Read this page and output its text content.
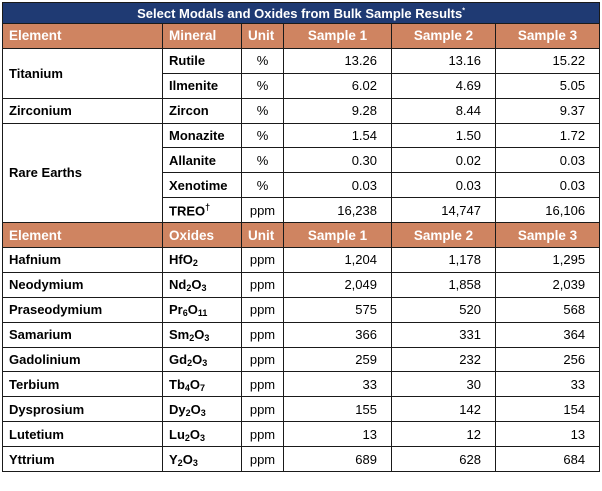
Select Modals and Oxides from Bulk Sample Results*
Element	Mineral	Unit	Sample 1	Sample 2	Sample 3
Titanium	Rutile	%	13.26	13.16	15.22
	Ilmenite	%	6.02	4.69	5.05
Zirconium	Zircon	%	9.28	8.44	9.37
Rare Earths	Monazite	%	1.54	1.50	1.72
	Allanite	%	0.30	0.02	0.03
	Xenotime	%	0.03	0.03	0.03
	TREO†	ppm	16,238	14,747	16,106
Element	Oxides	Unit	Sample 1	Sample 2	Sample 3
Hafnium	HfO$_2$	ppm	1,204	1,178	1,295
Neodymium	$Nd_2O_3$	ppm	2,049	1,858	2,039
Praseodymium	$Pr_6O_{11}$	ppm	575	520	568
Samarium	$Sm_2O_3$	ppm	366	331	364
Gadolinium	$Gd_2O_3$	ppm	259	232	256
Terbium	$Tb_4O_7$	ppm	33	30	33
Dysprosium	$Dy_2O_3$	ppm	155	142	154
Lutetium	$Lu_2O_3$	ppm	13	12	13
Yttrium	$Y_2O_3$	ppm	689	628	684
